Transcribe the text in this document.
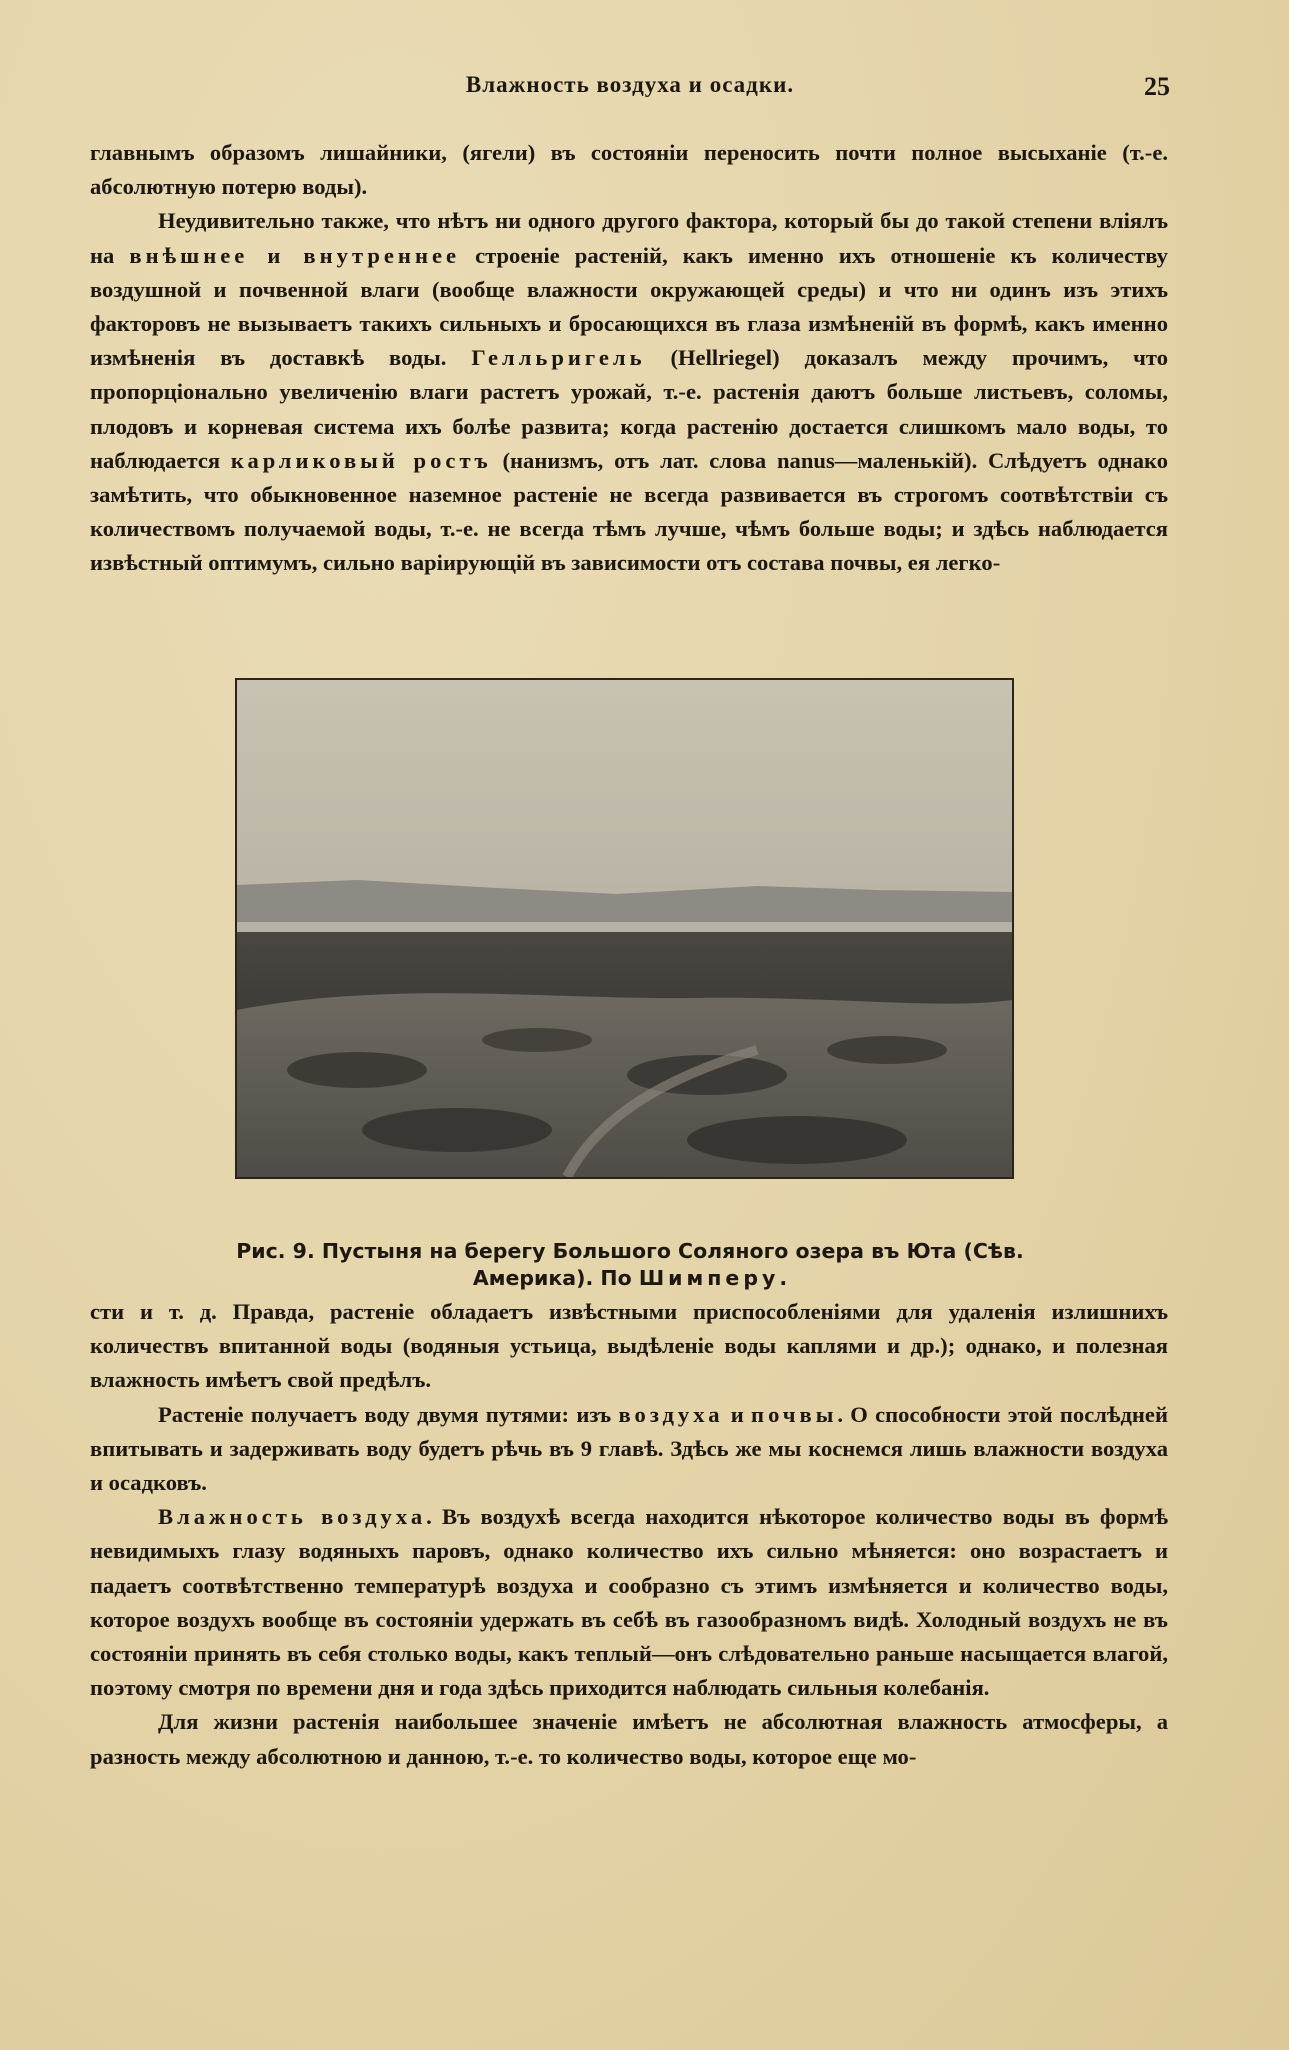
Влажность воздуха и осадки.	25

главнымъ образомъ лишайники, (ягели) въ состояніи переносить почти полное высыханіе (т.-е. абсолютную потерю воды).

Неудивительно также, что нѣтъ ни одного другого фактора, который бы до такой степени вліялъ на внѣшнее и внутреннее строеніе растеній, какъ именно ихъ отношеніе къ количеству воздушной и почвенной влаги (вообще влажности окружающей среды) и что ни одинъ изъ этихъ факторовъ не вызываетъ такихъ сильныхъ и бросающихся въ глаза измѣненій въ формѣ, какъ именно измѣненія въ доставкѣ воды. Гелльригель (Hellriegel) доказалъ между прочимъ, что пропорціонально увеличенію влаги растетъ урожай, т.-е. растенія даютъ больше листьевъ, соломы, плодовъ и корневая система ихъ болѣе развита; когда растенію достается слишкомъ мало воды, то наблюдается карликовый ростъ (нанизмъ, отъ лат. слова nanus—маленькій). Слѣдуетъ однако замѣтить, что обыкновенное наземное растеніе не всегда развивается въ строгомъ соотвѣтствіи съ количествомъ получаемой воды, т.-е. не всегда тѣмъ лучше, чѣмъ больше воды; и здѣсь наблюдается извѣстный оптимумъ, сильно варіирующій въ зависимости отъ состава почвы, ея легко-

Рис. 9. Пустыня на берегу Большого Соляного озера въ Юта (Сѣв. Америка). По Шимперу.

сти и т. д. Правда, растеніе обладаетъ извѣстными приспособленіями для удаленія излишнихъ количествъ впитанной воды (водяныя устьица, выдѣленіе воды каплями и др.); однако, и полезная влажность имѣетъ свой предѣлъ.

Растеніе получаетъ воду двумя путями: изъ воздуха и почвы. О способности этой послѣдней впитывать и задерживать воду будетъ рѣчь въ 9 главѣ. Здѣсь же мы коснемся лишь влажности воздуха и осадковъ.

Влажность воздуха. Въ воздухѣ всегда находится нѣкоторое количество воды въ формѣ невидимыхъ глазу водяныхъ паровъ, однако количество ихъ сильно мѣняется: оно возрастаетъ и падаетъ соотвѣтственно температурѣ воздуха и сообразно съ этимъ измѣняется и количество воды, которое воздухъ вообще въ состояніи удержать въ себѣ въ газообразномъ видѣ. Холодный воздухъ не въ состояніи принять въ себя столько воды, какъ теплый—онъ слѣдовательно раньше насыщается влагой, поэтому смотря по времени дня и года здѣсь приходится наблюдать сильныя колебанія.

Для жизни растенія наибольшее значеніе имѣетъ не абсолютная влажность атмосферы, а разность между абсолютною и данною, т.-е. то количество воды, которое еще мо-
